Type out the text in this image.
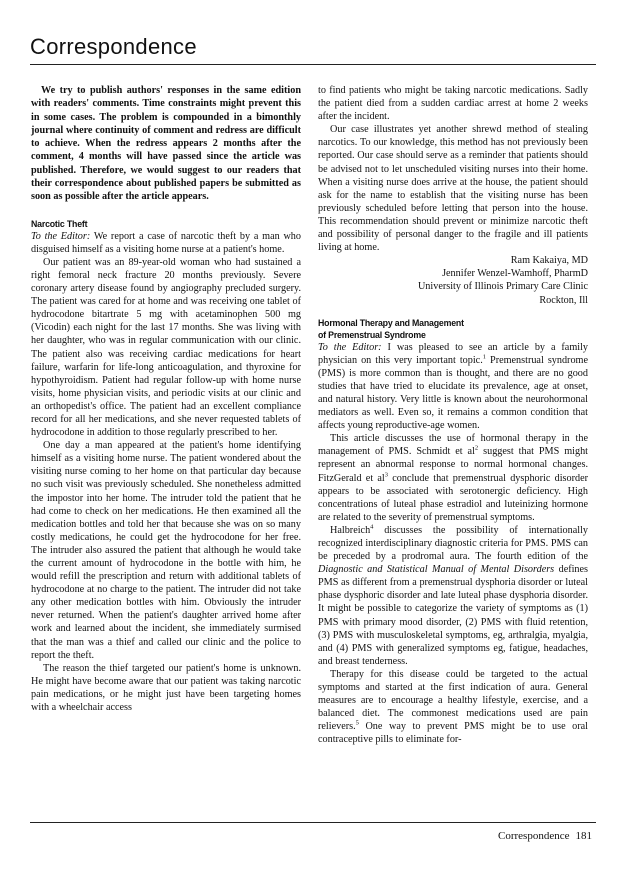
Correspondence

We try to publish authors' responses in the same edition with readers' comments. Time constraints might prevent this in some cases. The problem is compounded in a bimonthly journal where continuity of comment and redress are difficult to achieve. When the redress appears 2 months after the comment, 4 months will have passed since the article was published. Therefore, we would suggest to our readers that their correspondence about published papers be submitted as soon as possible after the article appears.

Narcotic Theft

To the Editor: We report a case of narcotic theft by a man who disguised himself as a visiting home nurse at a patient's home.

Our patient was an 89-year-old woman who had sustained a right femoral neck fracture 20 months previously. Severe coronary artery disease found by angiography precluded surgery. The patient was cared for at home and was receiving one tablet of hydrocodone bitartrate 5 mg with acetaminophen 500 mg (Vicodin) each night for the last 17 months. She was living with her daughter, who was in regular communication with our clinic. The patient also was receiving cardiac medications for heart failure, warfarin for life-long anticoagulation, and thyroxine for hypothyroidism. Patient had regular follow-up with home nurse visits, home physician visits, and periodic visits at our clinic and an orthopedist's office. The patient had an excellent compliance record for all her medications, and she never requested tablets of hydrocodone in addition to those regularly prescribed to her.

One day a man appeared at the patient's home identifying himself as a visiting home nurse. The patient wondered about the visiting nurse coming to her home on that particular day because no such visit was previously scheduled. She nonetheless admitted the impostor into her home. The intruder told the patient that he had come to check on her medications. He then examined all the medication bottles and told her that because she was on so many costly medications, he could get the hydrocodone for her free. The intruder also assured the patient that although he would take the current amount of hydrocodone in the bottle with him, he would refill the prescription and return with additional tablets of hydrocodone at no charge to the patient. The intruder did not take any other medication bottles with him. Obviously the intruder never returned. When the patient's daughter arrived home after work and learned about the incident, she immediately surmised that the man was a thief and called our clinic and the police to report the theft.

The reason the thief targeted our patient's home is unknown. He might have become aware that our patient was taking narcotic pain medications, or he might just have been targeting homes with a wheelchair access

to find patients who might be taking narcotic medications. Sadly the patient died from a sudden cardiac arrest at home 2 weeks after the incident.

Our case illustrates yet another shrewd method of stealing narcotics. To our knowledge, this method has not previously been reported. Our case should serve as a reminder that patients should be advised not to let unscheduled visiting nurses into their home. When a visiting nurse does arrive at the house, the patient should ask for the name to establish that the visiting nurse has been previously scheduled before letting that person into the house. This recommendation should prevent or minimize narcotic theft and possibility of personal danger to the fragile and ill patients living at home.

Ram Kakaiya, MD
Jennifer Wenzel-Wamhoff, PharmD
University of Illinois Primary Care Clinic
Rockton, Ill
Hormonal Therapy and Management
of Premenstrual Syndrome

To the Editor: I was pleased to see an article by a family physician on this very important topic.$^1$ Premenstrual syndrome (PMS) is more common than is thought, and there are no good studies that have tried to elucidate its prevalence, age at onset, and natural history. Very little is known about the neurohormonal mediators as well. Even so, it remains a common condition that affects young reproductive-age women.

This article discusses the use of hormonal therapy in the management of PMS. Schmidt et $al^2$ suggest that PMS might represent an abnormal response to normal hormonal changes. FitzGerald et $al^3$ conclude that premenstrual dysphoric disorder appears to be associated with serotonergic deficiency. High concentrations of luteal phase estradiol and luteinizing hormone are related to the severity of premenstrual symptoms.

Halbreich$^4$ discusses the possibility of internationally recognized interdisciplinary diagnostic criteria for PMS. PMS can be preceded by a prodromal aura. The fourth edition of the Diagnostic and Statistical Manual of Mental Disorders defines PMS as different from a premenstrual dysphoria disorder or luteal phase dysphoric disorder and late luteal phase dysphoria disorder. It might be possible to categorize the variety of symptoms as (1) PMS with primary mood disorder, (2) PMS with fluid retention, (3) PMS with musculoskeletal symptoms, eg, arthralgia, myalgia, and (4) PMS with generalized symptoms eg, fatigue, headaches, and breast tenderness.

Therapy for this disease could be targeted to the actual symptoms and started at the first indication of aura. General measures are to encourage a healthy lifestyle, exercise, and a balanced diet. The commonest medications used are pain relievers.$^5$ One way to prevent PMS might be to use oral contraceptive pills to eliminate for-

Correspondence 181
